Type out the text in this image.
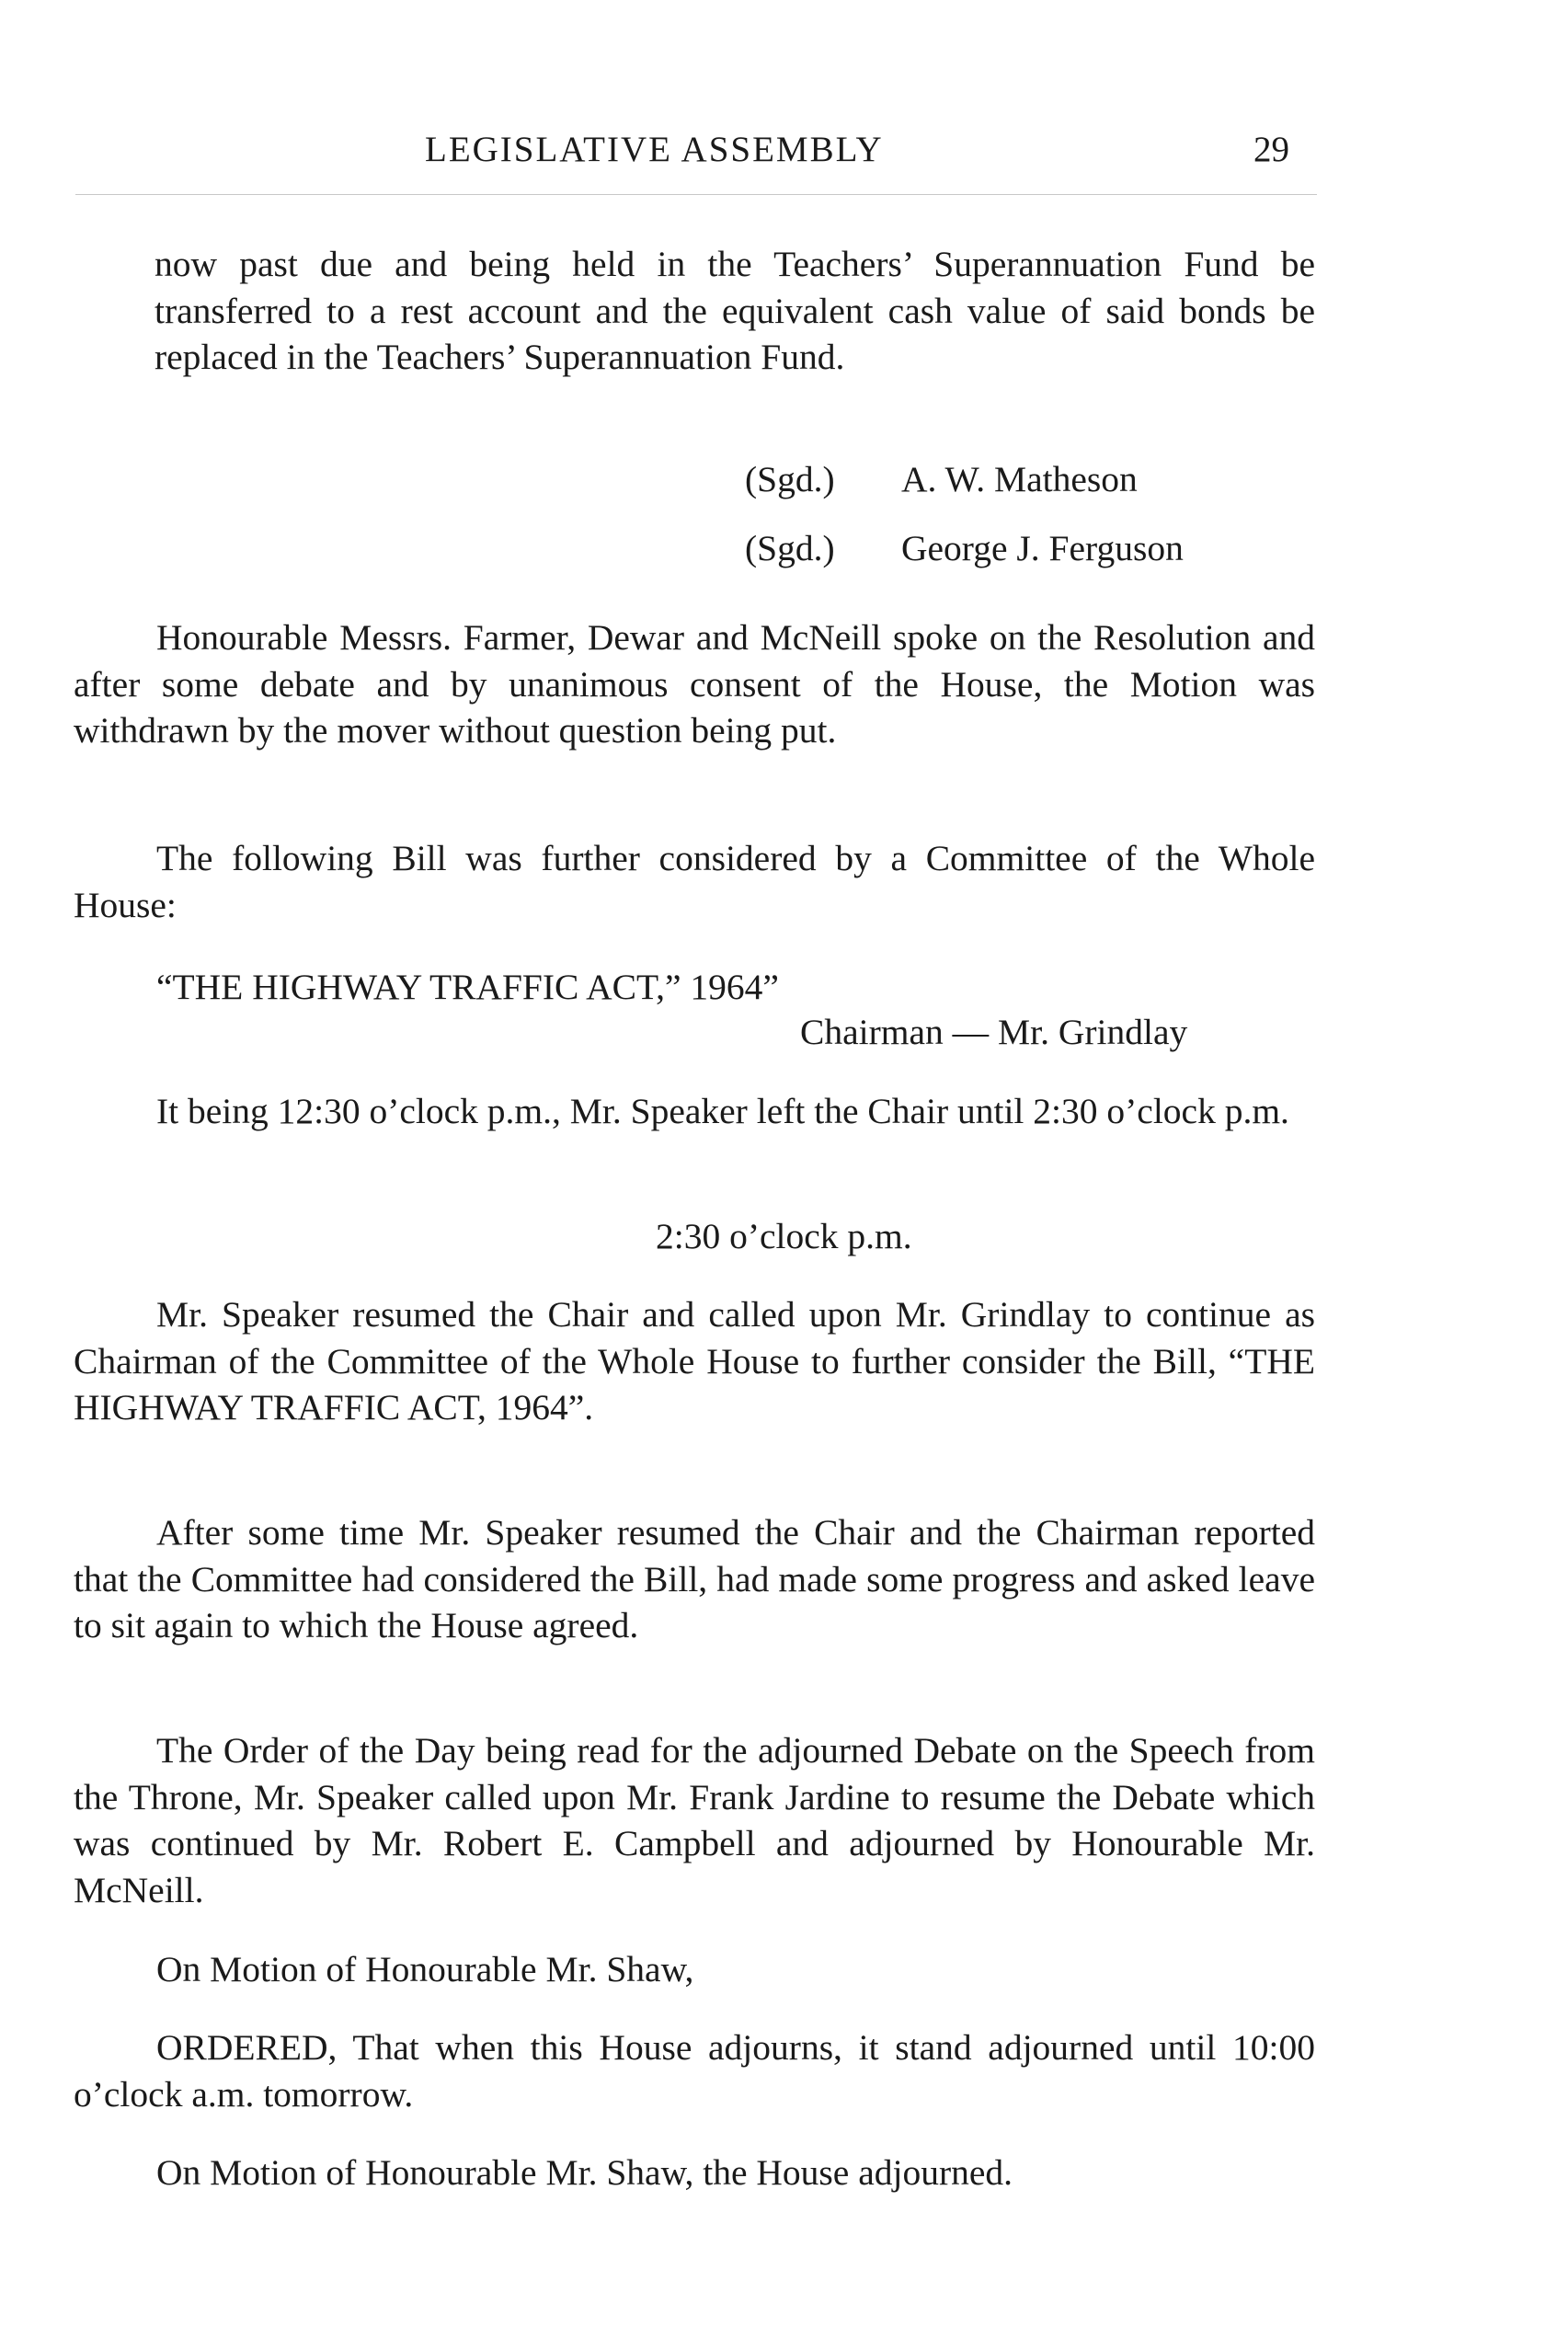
LEGISLATIVE ASSEMBLY	29

now past due and being held in the Teachers’ Superannuation Fund be transferred to a rest account and the equivalent cash value of said bonds be replaced in the Teachers’ Superannuation Fund.

(Sgd.) A. W. Matheson
(Sgd.) George J. Ferguson

Honourable Messrs. Farmer, Dewar and McNeill spoke on the Resolution and after some debate and by unanimous consent of the House, the Motion was withdrawn by the mover without question being put.

The following Bill was further considered by a Committee of the Whole House:

“THE HIGHWAY TRAFFIC ACT,” 1964”
Chairman — Mr. Grindlay

It being 12:30 o’clock p.m., Mr. Speaker left the Chair until 2:30 o’clock p.m.

2:30 o’clock p.m.

Mr. Speaker resumed the Chair and called upon Mr. Grindlay to continue as Chairman of the Committee of the Whole House to further consider the Bill, “THE HIGHWAY TRAFFIC ACT, 1964”.

After some time Mr. Speaker resumed the Chair and the Chairman reported that the Committee had considered the Bill, had made some progress and asked leave to sit again to which the House agreed.

The Order of the Day being read for the adjourned Debate on the Speech from the Throne, Mr. Speaker called upon Mr. Frank Jardine to resume the Debate which was continued by Mr. Robert E. Campbell and adjourned by Honourable Mr. McNeill.

On Motion of Honourable Mr. Shaw,

ORDERED, That when this House adjourns, it stand adjourned until 10:00 o’clock a.m. tomorrow.

On Motion of Honourable Mr. Shaw, the House adjourned.
